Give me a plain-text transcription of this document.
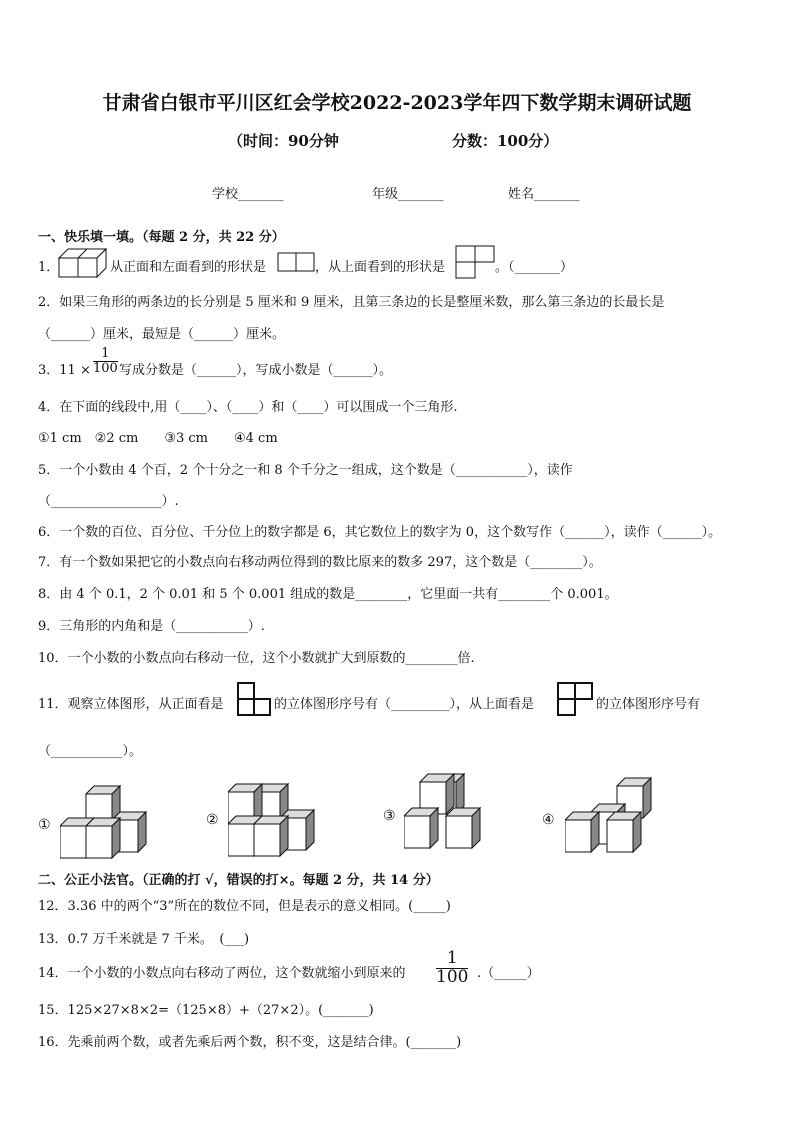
甘肃省白银市平川区红会学校2022-2023学年四下数学期末调研试题
（时间：90分钟	分数：100分）
学校_______	年级_______	姓名_______
一、快乐填一填。（每题 2 分，共 22 分）
1．	从正面和左面看到的形状是	，从上面看到的形状是	。（_______）
2．如果三角形的两条边的长分别是 5 厘米和 9 厘米，且第三条边的长是整厘米数，那么第三条边的长最长是
（______）厘米，最短是（______）厘米。
3．$11 \times \frac{1}{100}$ 写成分数是（______），写成小数是（______）。
4．在下面的线段中,用（____）、（____）和（____）可以围成一个三角形.
①1 cm　②2 cm　　③3 cm　　④4 cm
5．一个小数由 4 个百，2 个十分之一和 8 个千分之一组成，这个数是（___________），读作
（_________________）.
6．一个数的百位、百分位、千分位上的数字都是 6，其它数位上的数字为 0，这个数写作（______），读作（______）。
7．有一个数如果把它的小数点向右移动两位得到的数比原来的数多 297，这个数是（________）。
8．由 4 个 0.1，2 个 0.01 和 5 个 0.001 组成的数是________，它里面一共有________个 0.001。
9．三角形的内角和是（___________）.
10．一个小数的小数点向右移动一位，这个小数就扩大到原数的________倍.
11．观察立体图形，从正面看是	的立体图形序号有（_________），从上面看是	的立体图形序号有
（___________）。
①	②	③	④
二、公正小法官。（正确的打 √，错误的打×。每题 2 分，共 14 分）
12．3.36 中的两个“3”所在的数位不同，但是表示的意义相同。(_____)
13．0.7 万千米就是 7 千米。　(___)
14．一个小数的小数点向右移动了两位，这个数就缩小到原来的 $\frac{1}{100}$ .（_____）
15．125×27×8×2=（125×8）+（27×2）。(_______)
16．先乘前两个数，或者先乘后两个数，积不变，这是结合律。(_______)
